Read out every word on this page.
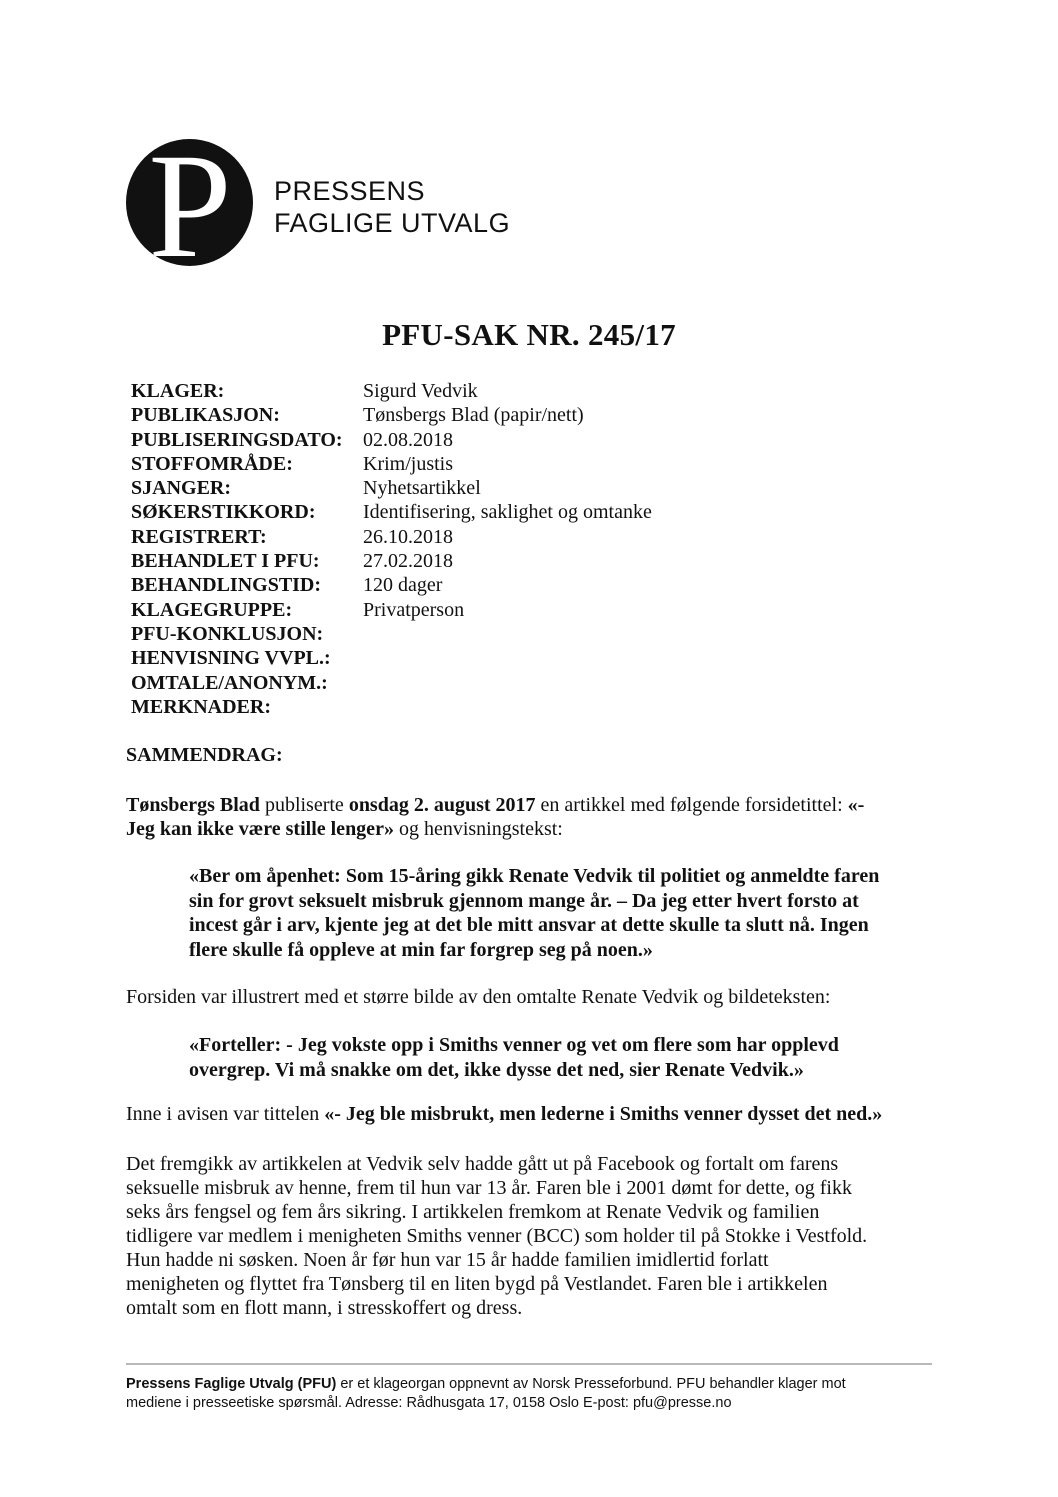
P PRESSENS
FAGLIGE UTVALG
PFU-SAK NR. 245/17
KLAGER:	Sigurd Vedvik
PUBLIKASJON:	Tønsbergs Blad (papir/nett)
PUBLISERINGSDATO: 02.08.2018
STOFFOMRÅDE:	Krim/justis
SJANGER:	Nyhetsartikkel
SØKERSTIKKORD: Identifisering, saklighet og omtanke
REGISTRERT:	26.10.2018
BEHANDLET I PFU: 27.02.2018
BEHANDLINGSTID: 120 dager
KLAGEGRUPPE:	Privatperson
PFU-KONKLUSJON:
HENVISNING VVPL.:
OMTALE/ANONYM.:
MERKNADER:
SAMMENDRAG:
Tønsbergs Blad publiserte onsdag 2. august 2017 en artikkel med følgende forsidetittel: «-
Jeg kan ikke være stille lenger» og henvisningstekst:
«Ber om åpenhet: Som 15-åring gikk Renate Vedvik til politiet og anmeldte faren
sin for grovt seksuelt misbruk gjennom mange år. – Da jeg etter hvert forsto at
incest går i arv, kjente jeg at det ble mitt ansvar at dette skulle ta slutt nå. Ingen
flere skulle få oppleve at min far forgrep seg på noen.»
Forsiden var illustrert med et større bilde av den omtalte Renate Vedvik og bildeteksten:
«Forteller: - Jeg vokste opp i Smiths venner og vet om flere som har opplevd
overgrep. Vi må snakke om det, ikke dysse det ned, sier Renate Vedvik.»
Inne i avisen var tittelen «- Jeg ble misbrukt, men lederne i Smiths venner dysset det ned.»
Det fremgikk av artikkelen at Vedvik selv hadde gått ut på Facebook og fortalt om farens
seksuelle misbruk av henne, frem til hun var 13 år. Faren ble i 2001 dømt for dette, og fikk
seks års fengsel og fem års sikring. I artikkelen fremkom at Renate Vedvik og familien
tidligere var medlem i menigheten Smiths venner (BCC) som holder til på Stokke i Vestfold.
Hun hadde ni søsken. Noen år før hun var 15 år hadde familien imidlertid forlatt
menigheten og flyttet fra Tønsberg til en liten bygd på Vestlandet. Faren ble i artikkelen
omtalt som en flott mann, i stresskoffert og dress.
Pressens Faglige Utvalg (PFU) er et klageorgan oppnevnt av Norsk Presseforbund. PFU behandler klager mot
mediene i presseetiske spørsmål. Adresse: Rådhusgata 17, 0158 Oslo E-post: pfu@presse.no
